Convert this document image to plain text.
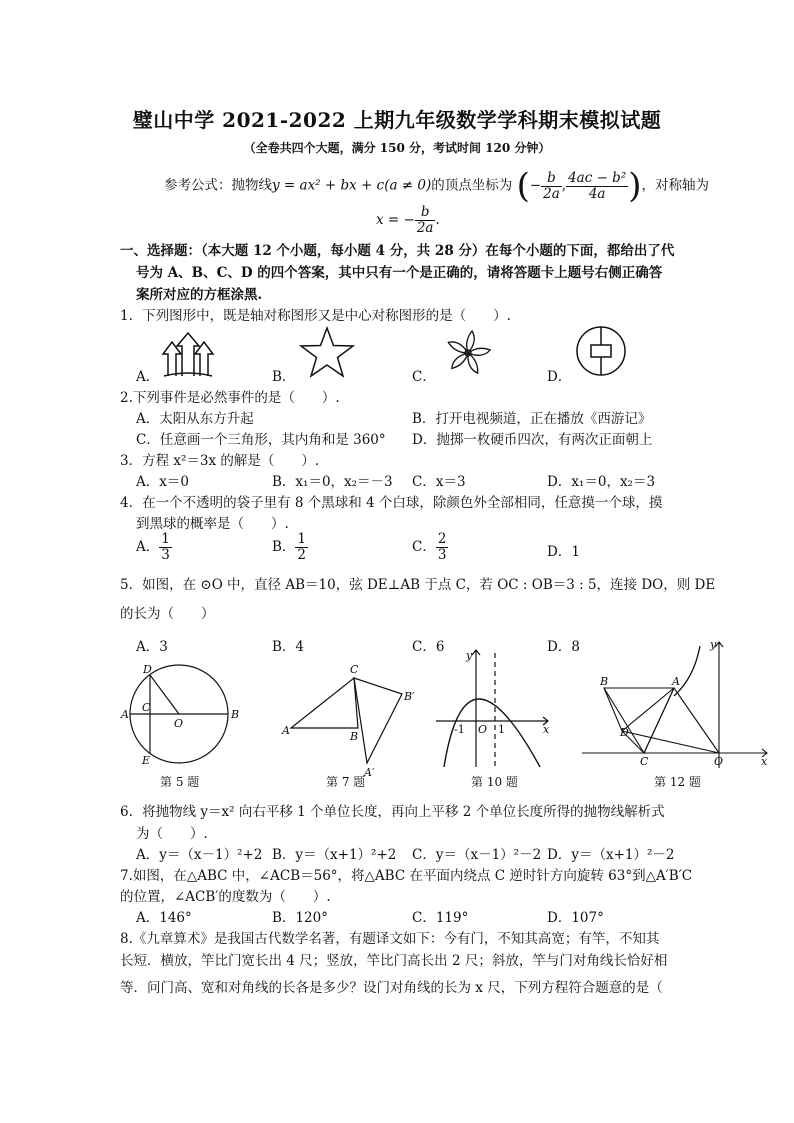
璧山中学 2021-2022 上期九年级数学学科期末模拟试题
（全卷共四个大题，满分 150 分，考试时间 120 分钟）
参考公式：抛物线y = ax² + bx + c(a ≠ 0)的顶点坐标为 (− $\frac{b}{2a}$ , $\frac{\text{4ac − b²}}{4a}$ )，对称轴为
x = − $\frac{b}{2a}$ .
一、选择题：（本大题 12 个小题，每小题 4 分，共 28 分）在每个小题的下面，都给出了代
号为 A、B、C、D 的四个答案，其中只有一个是正确的，请将答题卡上题号右侧正确答
案所对应的方框涂黑.
1．下列图形中，既是轴对称图形又是中心对称图形的是（　　）.
A．	B．	C．	D．
2.下列事件是必然事件的是（　　）.
A．太阳从东方升起	B．打开电视频道，正在播放《西游记》
C．任意画一个三角形，其内角和是 360° D．抛掷一枚硬币四次，有两次正面朝上
3．方程 x²＝3x 的解是（　　）.
A．x＝0	B．x₁＝0，x₂＝－3 C．x＝3	D．x₁＝0，x₂＝3
4．在一个不透明的袋子里有 8 个黑球和 4 个白球，除颜色外全部相同，任意摸一个球，摸
到黑球的概率是（　　）.
A． $\frac{1}{3}$	B． $\frac{1}{2}$	C． $\frac{2}{3}$	D．1
5．如图，在 ⊙O 中，直径 AB＝10，弦 DE⊥AB 于点 C，若 OC : OB＝3 : 5，连接 DO，则 DE
的长为（　　）
A．3	B．4	C．6	D．8
D
A
C
O
B
E
第 5 题
C
B′
A	B
A′
第 7 题
y
-1 O 1	x
第 10 题
y
B	A
D
C	O	x
第 12 题
6．将抛物线 y＝x² 向右平移 1 个单位长度，再向上平移 2 个单位长度所得的抛物线解析式
为（　　）.
A．y＝（x－1）²+2 B．y＝（x+1）²+2 C．y＝（x－1）²－2 D．y＝（x+1）²－2
7.如图，在△ABC 中，∠ACB＝56°，将△ABC 在平面内绕点 C 逆时针方向旋转 63°到△A′B′C
的位置，∠ACB′的度数为（　　）.
A．146°	B．120°	C．119°	D．107°
8.《九章算术》是我国古代数学名著，有题译文如下：今有门，不知其高宽；有竿，不知其
长短．横放，竿比门宽长出 4 尺；竖放，竿比门高长出 2 尺；斜放，竿与门对角线长恰好相
等．问门高、宽和对角线的长各是多少？设门对角线的长为 x 尺，下列方程符合题意的是（
